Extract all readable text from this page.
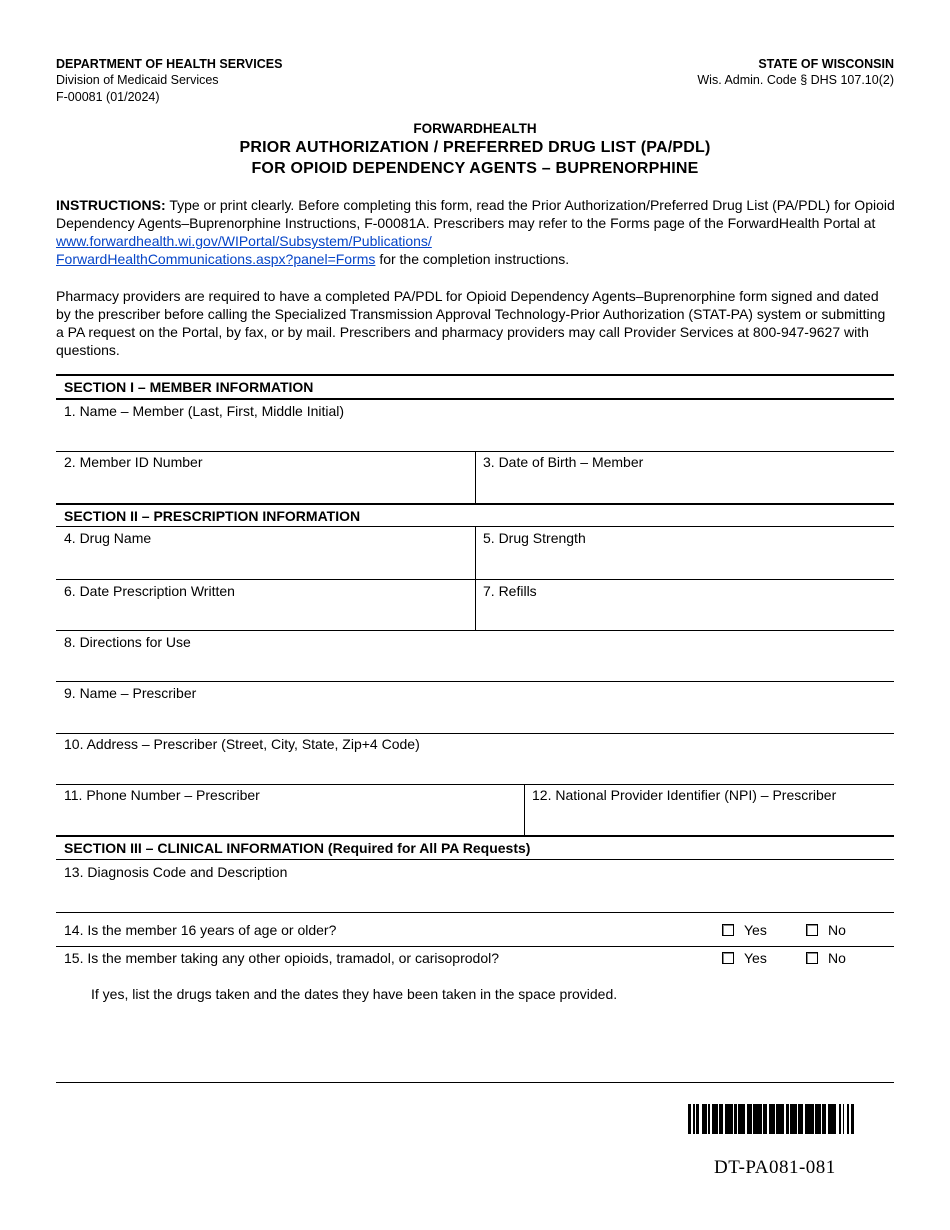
DEPARTMENT OF HEALTH SERVICES
Division of Medicaid Services
F-00081 (01/2024)
STATE OF WISCONSIN
Wis. Admin. Code § DHS 107.10(2)
FORWARDHEALTH
PRIOR AUTHORIZATION / PREFERRED DRUG LIST (PA/PDL)
FOR OPIOID DEPENDENCY AGENTS – BUPRENORPHINE
INSTRUCTIONS: Type or print clearly. Before completing this form, read the Prior Authorization/Preferred Drug List (PA/PDL) for Opioid Dependency Agents–Buprenorphine Instructions, F-00081A. Prescribers may refer to the Forms page of the ForwardHealth Portal at www.forwardhealth.wi.gov/WIPortal/Subsystem/Publications/
ForwardHealthCommunications.aspx?panel=Forms for the completion instructions.
Pharmacy providers are required to have a completed PA/PDL for Opioid Dependency Agents–Buprenorphine form signed and dated by the prescriber before calling the Specialized Transmission Approval Technology-Prior Authorization (STAT-PA) system or submitting a PA request on the Portal, by fax, or by mail. Prescribers and pharmacy providers may call Provider Services at 800-947-9627 with questions.
SECTION I – MEMBER INFORMATION
1. Name – Member (Last, First, Middle Initial)
2. Member ID Number	3. Date of Birth – Member
SECTION II – PRESCRIPTION INFORMATION
4. Drug Name	5. Drug Strength
6. Date Prescription Written	7. Refills
8. Directions for Use
9. Name – Prescriber
10. Address – Prescriber (Street, City, State, Zip+4 Code)
11. Phone Number – Prescriber	12. National Provider Identifier (NPI) – Prescriber
SECTION III – CLINICAL INFORMATION (Required for All PA Requests)
13. Diagnosis Code and Description
14. Is the member 16 years of age or older?	Yes	No
15. Is the member taking any other opioids, tramadol, or carisoprodol?	Yes	No
If yes, list the drugs taken and the dates they have been taken in the space provided.
DT-PA081-081
